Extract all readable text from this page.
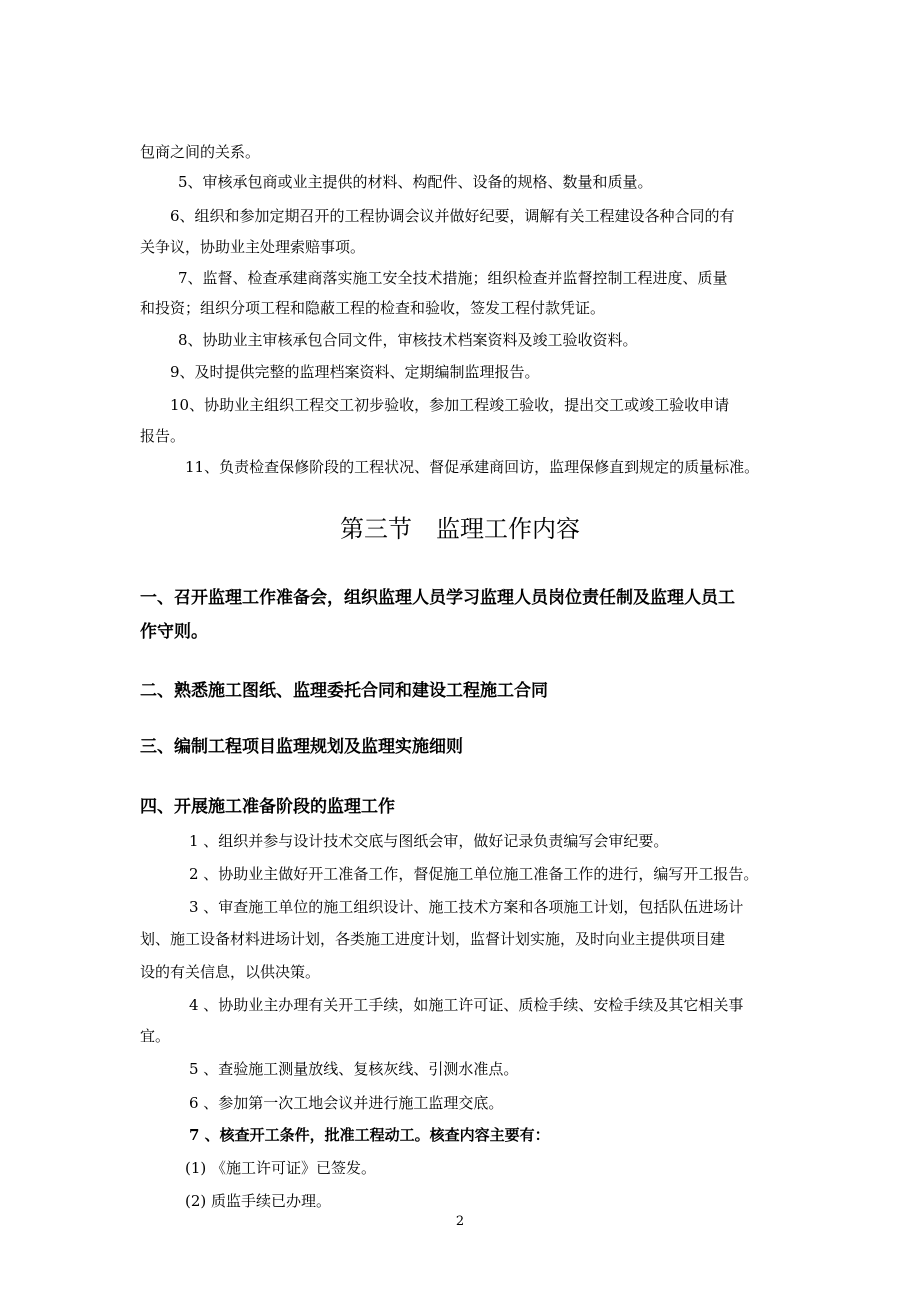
包商之间的关系。
5、审核承包商或业主提供的材料、构配件、设备的规格、数量和质量。
6、组织和参加定期召开的工程协调会议并做好纪要，调解有关工程建设各种合同的有
关争议，协助业主处理索赔事项。
7、监督、检查承建商落实施工安全技术措施；组织检查并监督控制工程进度、质量
和投资；组织分项工程和隐蔽工程的检查和验收，签发工程付款凭证。
8、协助业主审核承包合同文件，审核技术档案资料及竣工验收资料。
9、及时提供完整的监理档案资料、定期编制监理报告。
10、协助业主组织工程交工初步验收，参加工程竣工验收，提出交工或竣工验收申请
报告。
11、负责检查保修阶段的工程状况、督促承建商回访，监理保修直到规定的质量标准。
第三节　监理工作内容
一、召开监理工作准备会，组织监理人员学习监理人员岗位责任制及监理人员工
作守则。
二、熟悉施工图纸、监理委托合同和建设工程施工合同
三、编制工程项目监理规划及监理实施细则
四、开展施工准备阶段的监理工作
1 、组织并参与设计技术交底与图纸会审，做好记录负责编写会审纪要。
2 、协助业主做好开工准备工作，督促施工单位施工准备工作的进行，编写开工报告。
3 、审查施工单位的施工组织设计、施工技术方案和各项施工计划，包括队伍进场计
划、施工设备材料进场计划，各类施工进度计划，监督计划实施，及时向业主提供项目建
设的有关信息，以供决策。
4 、协助业主办理有关开工手续，如施工许可证、质检手续、安检手续及其它相关事
宜。
5 、查验施工测量放线、复核灰线、引测水准点。
6 、参加第一次工地会议并进行施工监理交底。
7 、核查开工条件，批准工程动工。核查内容主要有：
(1) 《施工许可证》已签发。
(2) 质监手续已办理。
2
